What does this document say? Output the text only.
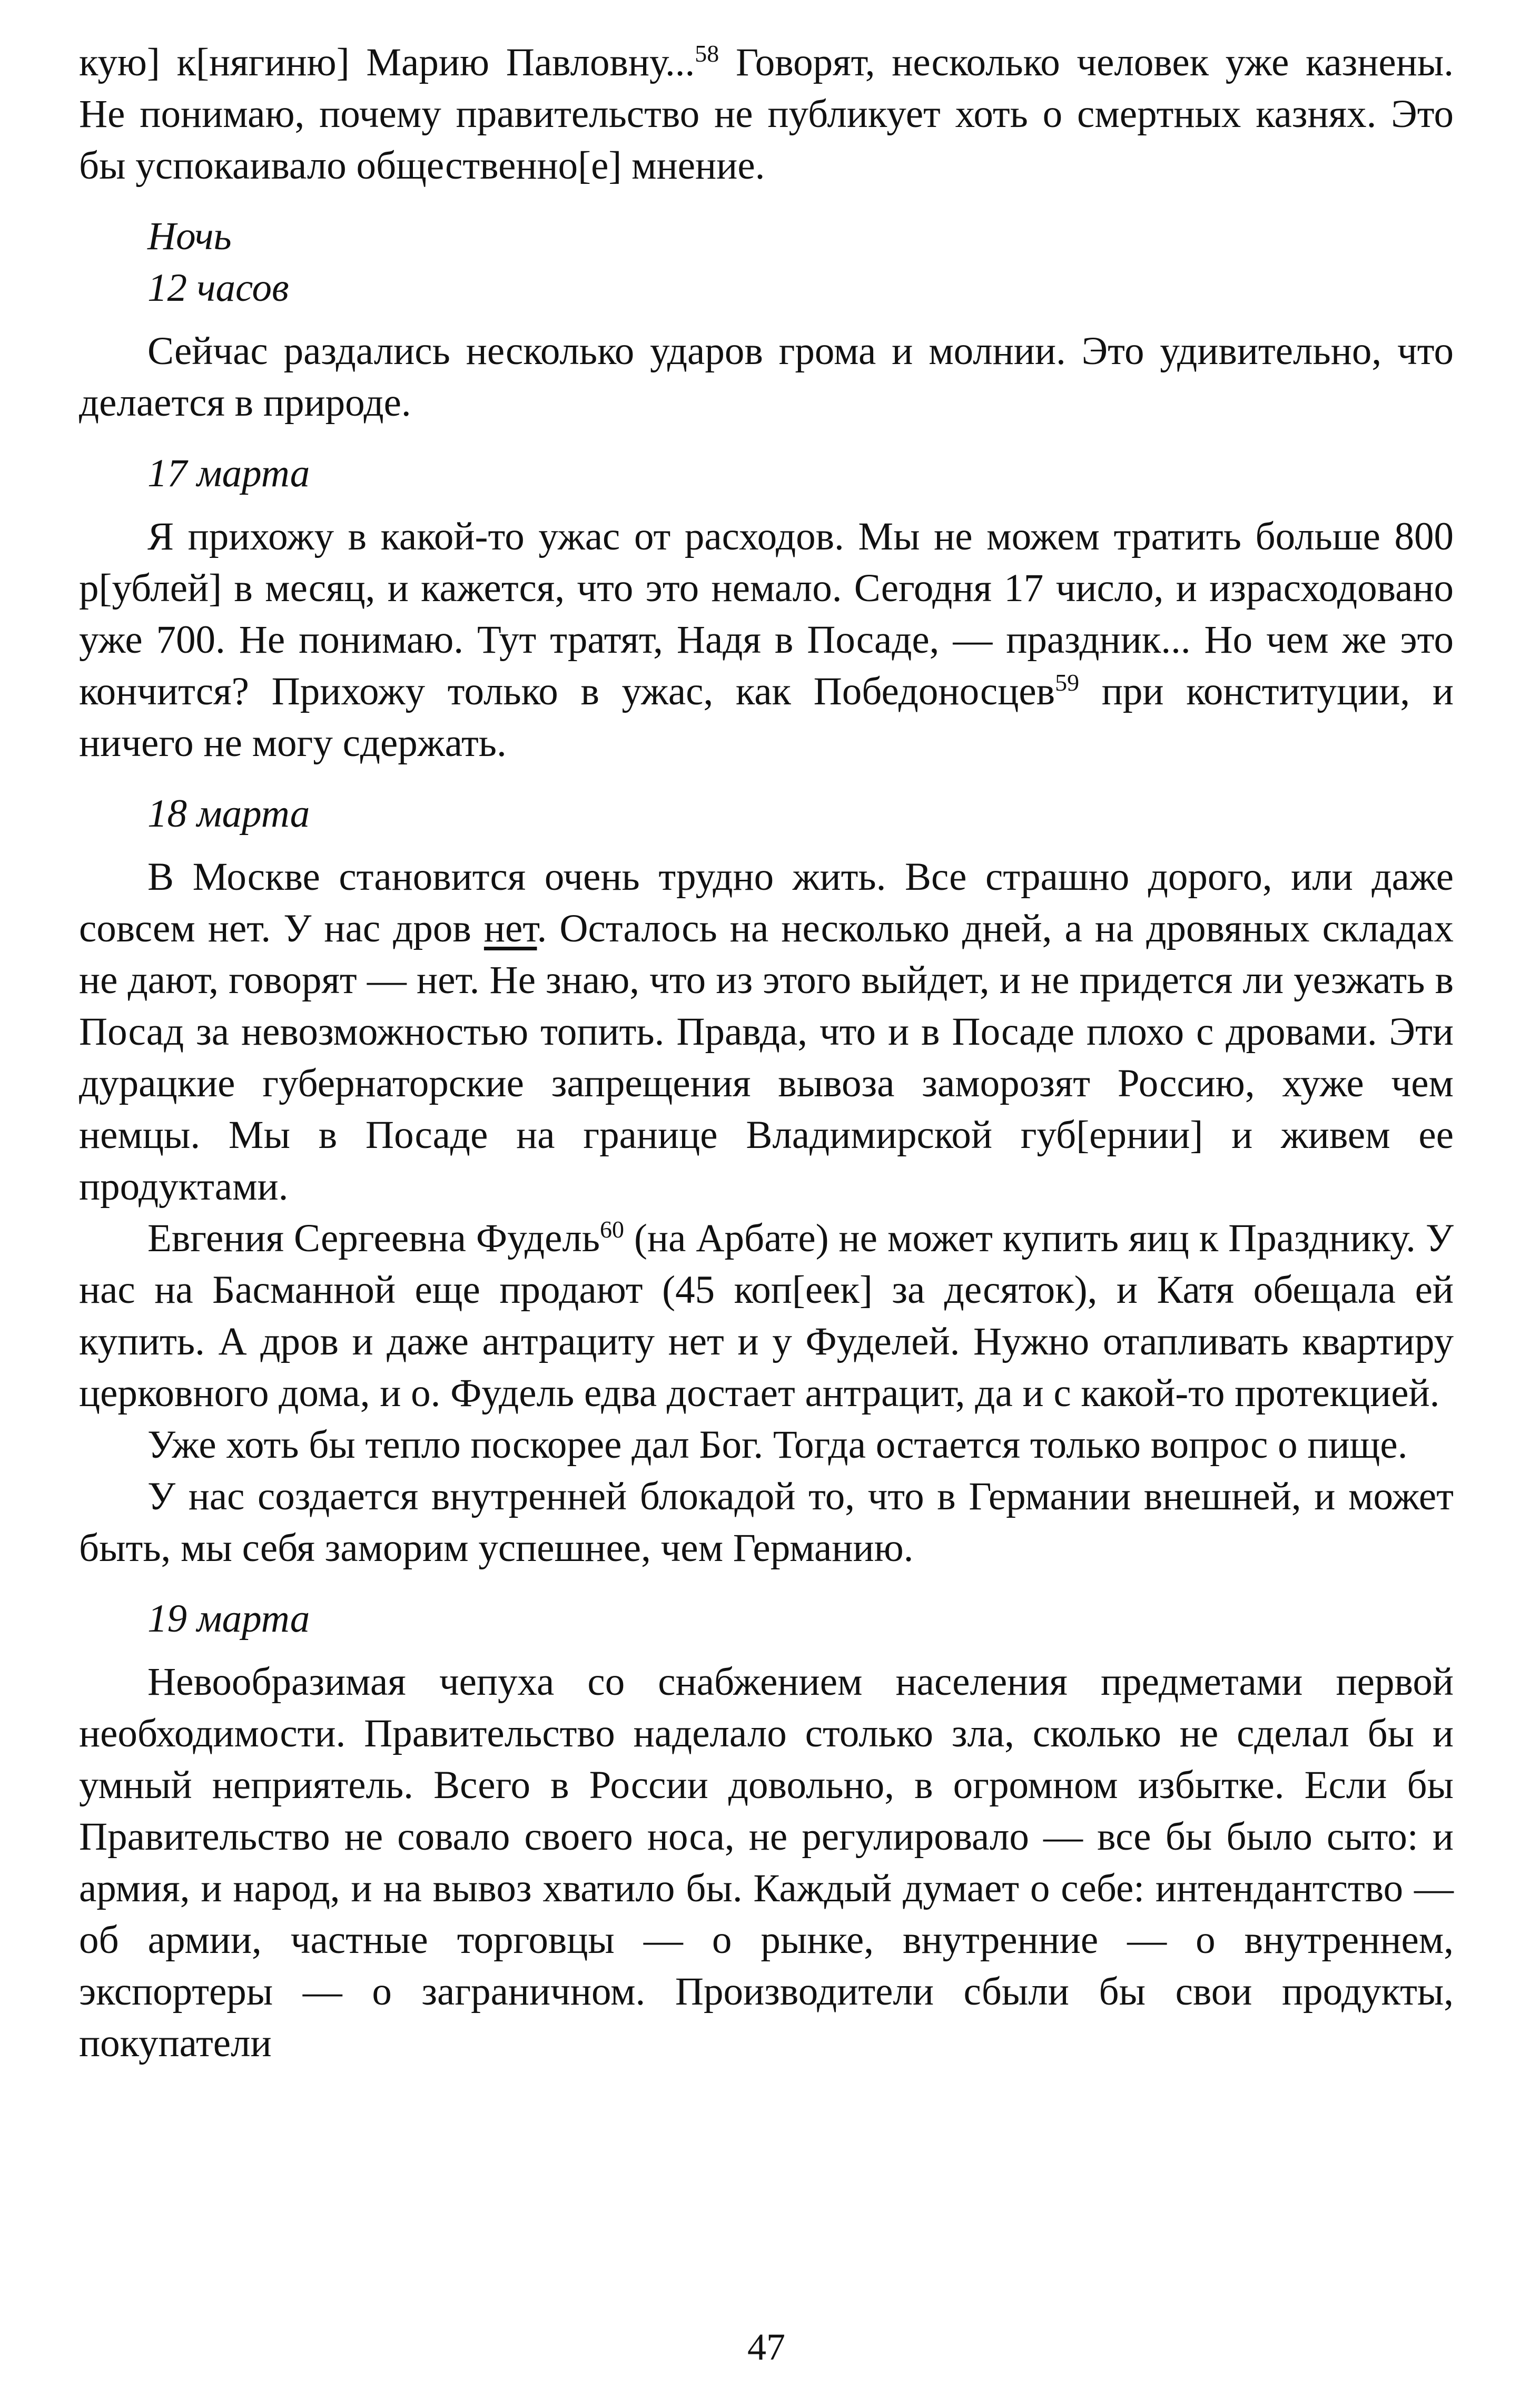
кую] к[нягиню] Марию Павловну...$^{58}$ Говорят, несколько человек уже казнены. Не понимаю, почему правительство не публикует хоть о смертных казнях. Это бы успокаивало общественно[е] мнение.

Ночь

12 часов

Сейчас раздались несколько ударов грома и молнии. Это удивительно, что делается в природе.

17 марта

Я прихожу в какой-то ужас от расходов. Мы не можем тратить больше 800 р[ублей] в месяц, и кажется, что это немало. Сегодня 17 число, и израсходовано уже 700. Не понимаю. Тут тратят, Надя в Посаде, — праздник... Но чем же это кончится? Прихожу только в ужас, как Победоносцев$^{59}$ при конституции, и ничего не могу сдержать.

18 марта

В Москве становится очень трудно жить. Все страшно дорого, или даже совсем нет. У нас дров нет. Осталось на несколько дней, а на дровяных складах не дают, говорят — нет. Не знаю, что из этого выйдет, и не придется ли уезжать в Посад за невозможностью топить. Правда, что и в Посаде плохо с дровами. Эти дурацкие губернаторские запрещения вывоза заморозят Россию, хуже чем немцы. Мы в Посаде на границе Владимирской губ[ернии] и живем ее продуктами.

Евгения Сергеевна Фудель$^{60}$ (на Арбате) не может купить яиц к Празднику. У нас на Басманной еще продают (45 коп[еек] за десяток), и Катя обещала ей купить. А дров и даже антрациту нет и у Фуделей. Нужно отапливать квартиру церковного дома, и о. Фудель едва достает антрацит, да и с какой-то протекцией.

Уже хоть бы тепло поскорее дал Бог. Тогда остается только вопрос о пище.

У нас создается внутренней блокадой то, что в Германии внешней, и может быть, мы себя заморим успешнее, чем Германию.

19 марта

Невообразимая чепуха со снабжением населения предметами первой необходимости. Правительство наделало столько зла, сколько не сделал бы и умный неприятель. Всего в России довольно, в огромном избытке. Если бы Правительство не совало своего носа, не регулировало — все бы было сыто: и армия, и народ, и на вывоз хватило бы. Каждый думает о себе: интендантство — об армии, частные торговцы — о рынке, внутренние — о внутреннем, экспортеры — о заграничном. Производители сбыли бы свои продукты, покупатели

47
